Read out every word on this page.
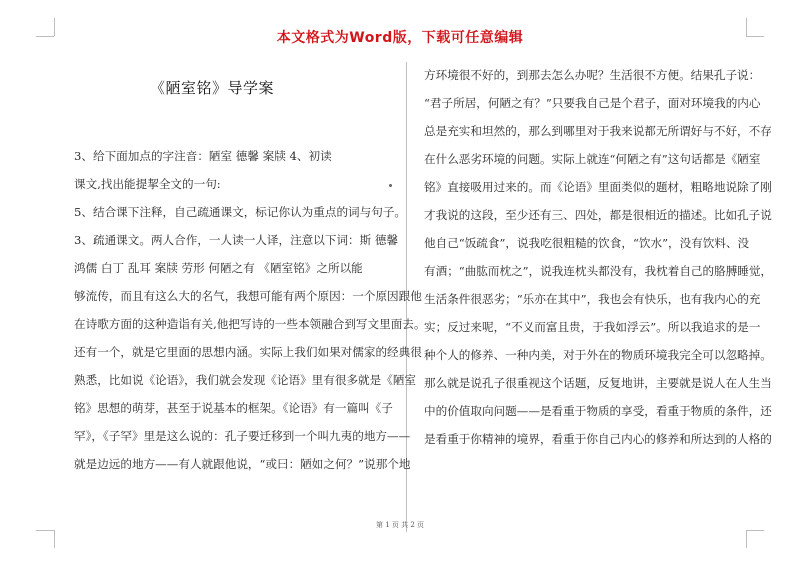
本文格式为Word版，下载可任意编辑
《陋室铭》导学案
3、给下面加点的字注音：陋室 德馨 案牍 4、初读
课文,找出能提挈全文的一句:
5、结合课下注释，自己疏通课文，标记你认为重点的词与句子。
3、疏通课文。两人合作，一人读一人译，注意以下词：斯 德馨
鸿儒 白丁 乱耳 案牍 劳形 何陋之有 《陋室铭》之所以能
够流传，而且有这么大的名气，我想可能有两个原因：一个原因跟他
在诗歌方面的这种造诣有关,他把写诗的一些本领融合到写文里面去。
还有一个，就是它里面的思想内涵。实际上我们如果对儒家的经典很
熟悉，比如说《论语》，我们就会发现《论语》里有很多就是《陋室
铭》思想的萌芽，甚至于说基本的框架。《论语》有一篇叫《子
罕》，《子罕》里是这么说的：孔子要迁移到一个叫九夷的地方——
就是边远的地方——有人就跟他说，“或曰：陋如之何？”说那个地
方环境很不好的，到那去怎么办呢？生活很不方便。结果孔子说：
“君子所居，何陋之有？”只要我自己是个君子，面对环境我的内心
总是充实和坦然的，那么到哪里对于我来说都无所谓好与不好，不存
在什么恶劣环境的问题。实际上就连“何陋之有”这句话都是《陋室
铭》直接吸用过来的。而《论语》里面类似的题材，粗略地说除了刚
才我说的这段，至少还有三、四处，都是很相近的描述。比如孔子说
他自己“饭疏食”，说我吃很粗糙的饮食，“饮水”，没有饮料、没
有酒；“曲肱而枕之”，说我连枕头都没有，我枕着自己的胳膊睡觉，
生活条件很恶劣；“乐亦在其中”，我也会有快乐，也有我内心的充
实；反过来呢，“不义而富且贵，于我如浮云”。所以我追求的是一
种个人的修养、一种内美，对于外在的物质环境我完全可以忽略掉。
那么就是说孔子很重视这个话题，反复地讲，主要就是说人在人生当
中的价值取向问题——是看重于物质的享受，看重于物质的条件，还
是看重于你精神的境界，看重于你自己内心的修养和所达到的人格的
第 1 页 共 2 页
